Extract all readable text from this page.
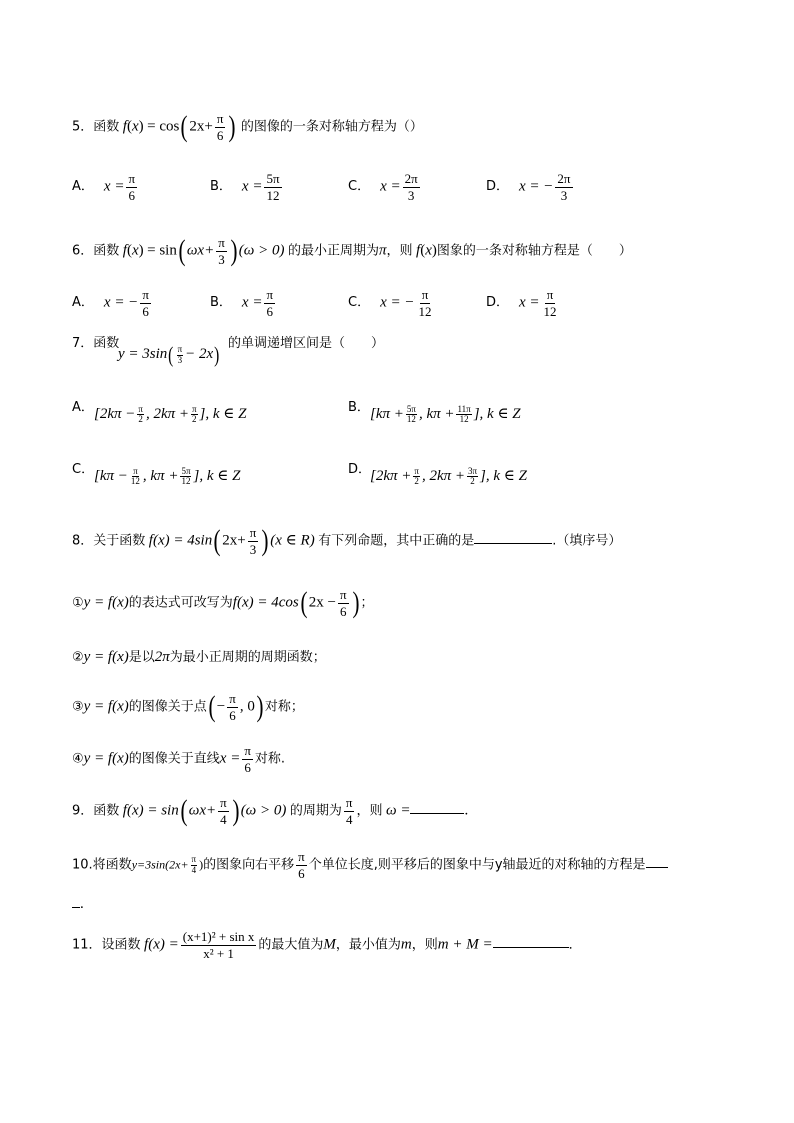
5．函数 f(x) = cos( $2x+ \frac{\pi}{6}$ ) 的图像的一条对称轴方程为（）
A． $x = \frac{\pi}{6}$	B． $x = \frac{5\pi}{12}$	C． $x = \frac{2\pi}{3}$	D． x = − $\frac{2\pi}{3}$
6．函数 f(x) = sin( $\omega x+ \frac{\pi}{3}$ ) (ω > 0) 的最小正周期为π，则 f(x)图象的一条对称轴方程是（　　）
A． x = − $\frac{\pi}{6}$	B． $x = \frac{\pi}{6}$	C． x = − $\frac{\pi}{12}$	D． $x = \frac{\pi}{12}$
7．函数
$y = 3\sin( \frac{\pi}{3} - 2x)$ 的单调递增区间是（　　）
A． [$2k\pi - \frac{\pi}{2}$ , $2k\pi + \frac{\pi}{2}$ ], k ∈ Z	B． [$k\pi + \frac{5\pi}{12}$ , $k\pi + \frac{11\pi}{12}$ ], k ∈ Z
C． [$k\pi - \frac{\pi}{12}$ , $k\pi + \frac{5\pi}{12}$ ], k ∈ Z	D．
[$2k\pi + \frac{\pi}{2}$ , $2k\pi + \frac{3\pi}{2}$ ], k ∈ Z
8．关于函数 f(x) = 4sin( $2x+ \frac{\pi}{3}$ ) (x ∈ R) 有下列命题，其中正确的是	.（填序号）
①y = f(x)的表达式可改写为f(x) = 4cos( $2x - \frac{\pi}{6}$ ) ；
②y = f(x)是以2π为最小正周期的周期函数；
③y = f(x)的图像关于点( − $\frac{\pi}{6}$ , 0) 对称；
④y = f(x)的图像关于直线$x = \frac{\pi}{6}$ 对称.
9．函数 f(x) = sin( $\omega x+ \frac{\pi}{4}$ ) (ω > 0) 的周期为 $\frac{\pi}{4}$ ，则 ω =	.
10.将函数$y=3\sin(2x+ \frac{\pi}{4}$ )的图象向右平移 $\frac{\pi}{6}$ 个单位长度,则平移后的图象中与y轴最近的对称轴的方程是
.
11．设函数 $f(x) = \frac{\text{(x+1)² + sin x}}{\text{x² + 1}}$ 的最大值为M，最小值为m，则m + M =	．
